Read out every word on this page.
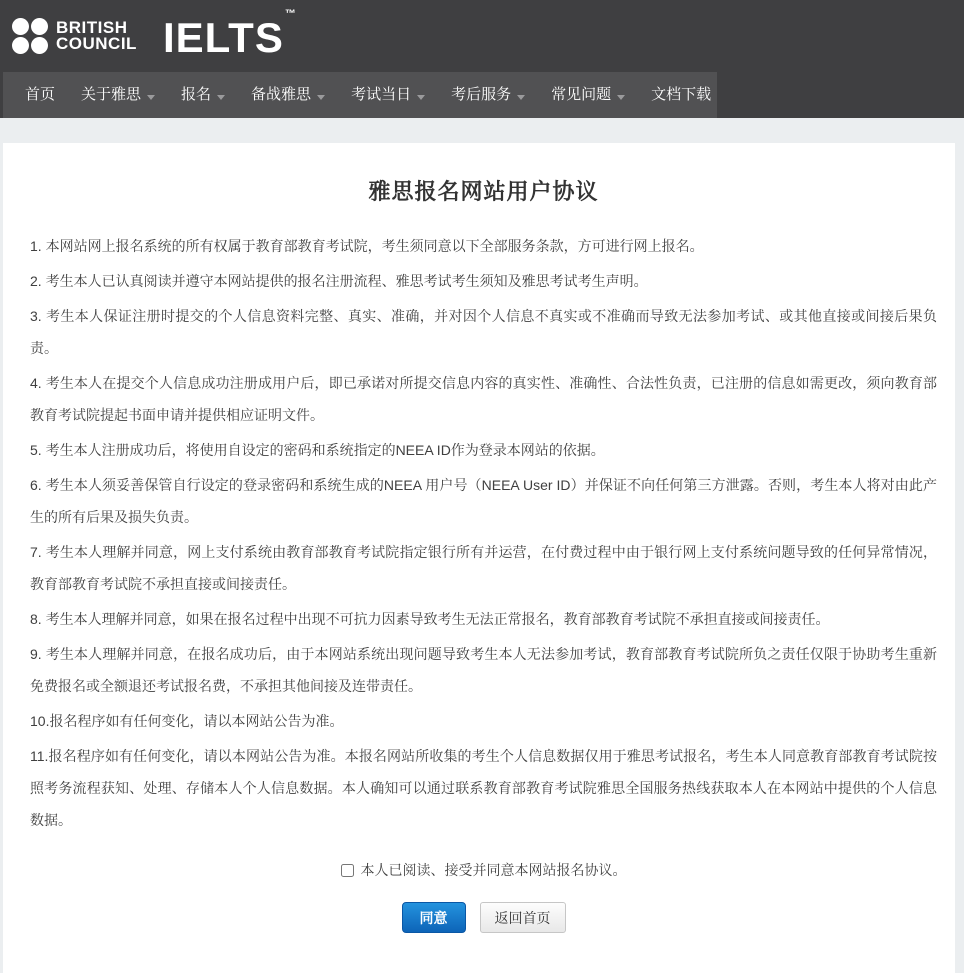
BRITISH
COUNCIL IELTS™
首页 关于雅思	报名	备战雅思	考试当日	考后服务	常见问题	文档下载
雅思报名网站用户协议

1. 本网站网上报名系统的所有权属于教育部教育考试院，考生须同意以下全部服务条款，方可进行网上报名。

2. 考生本人已认真阅读并遵守本网站提供的报名注册流程、雅思考试考生须知及雅思考试考生声明。

3. 考生本人保证注册时提交的个人信息资料完整、真实、准确，并对因个人信息不真实或不准确而导致无法参加考试、或其他直接或间接后果负责。

4. 考生本人在提交个人信息成功注册成用户后，即已承诺对所提交信息内容的真实性、准确性、合法性负责，已注册的信息如需更改，须向教育部教育考试院提起书面申请并提供相应证明文件。

5. 考生本人注册成功后，将使用自设定的密码和系统指定的NEEA ID作为登录本网站的依据。

6. 考生本人须妥善保管自行设定的登录密码和系统生成的NEEA 用户号（NEEA User ID）并保证不向任何第三方泄露。否则，考生本人将对由此产生的所有后果及损失负责。

7. 考生本人理解并同意，网上支付系统由教育部教育考试院指定银行所有并运营，在付费过程中由于银行网上支付系统问题导致的任何异常情况，教育部教育考试院不承担直接或间接责任。

8. 考生本人理解并同意，如果在报名过程中出现不可抗力因素导致考生无法正常报名，教育部教育考试院不承担直接或间接责任。

9. 考生本人理解并同意，在报名成功后，由于本网站系统出现问题导致考生本人无法参加考试，教育部教育考试院所负之责任仅限于协助考生重新免费报名或全额退还考试报名费，不承担其他间接及连带责任。

10.报名程序如有任何变化，请以本网站公告为准。

11.报名程序如有任何变化，请以本网站公告为准。本报名网站所收集的考生个人信息数据仅用于雅思考试报名，考生本人同意教育部教育考试院按照考务流程获知、处理、存储本人个人信息数据。本人确知可以通过联系教育部教育考试院雅思全国服务热线获取本人在本网站中提供的个人信息数据。

本人已阅读、接受并同意本网站报名协议。
同意	返回首页
